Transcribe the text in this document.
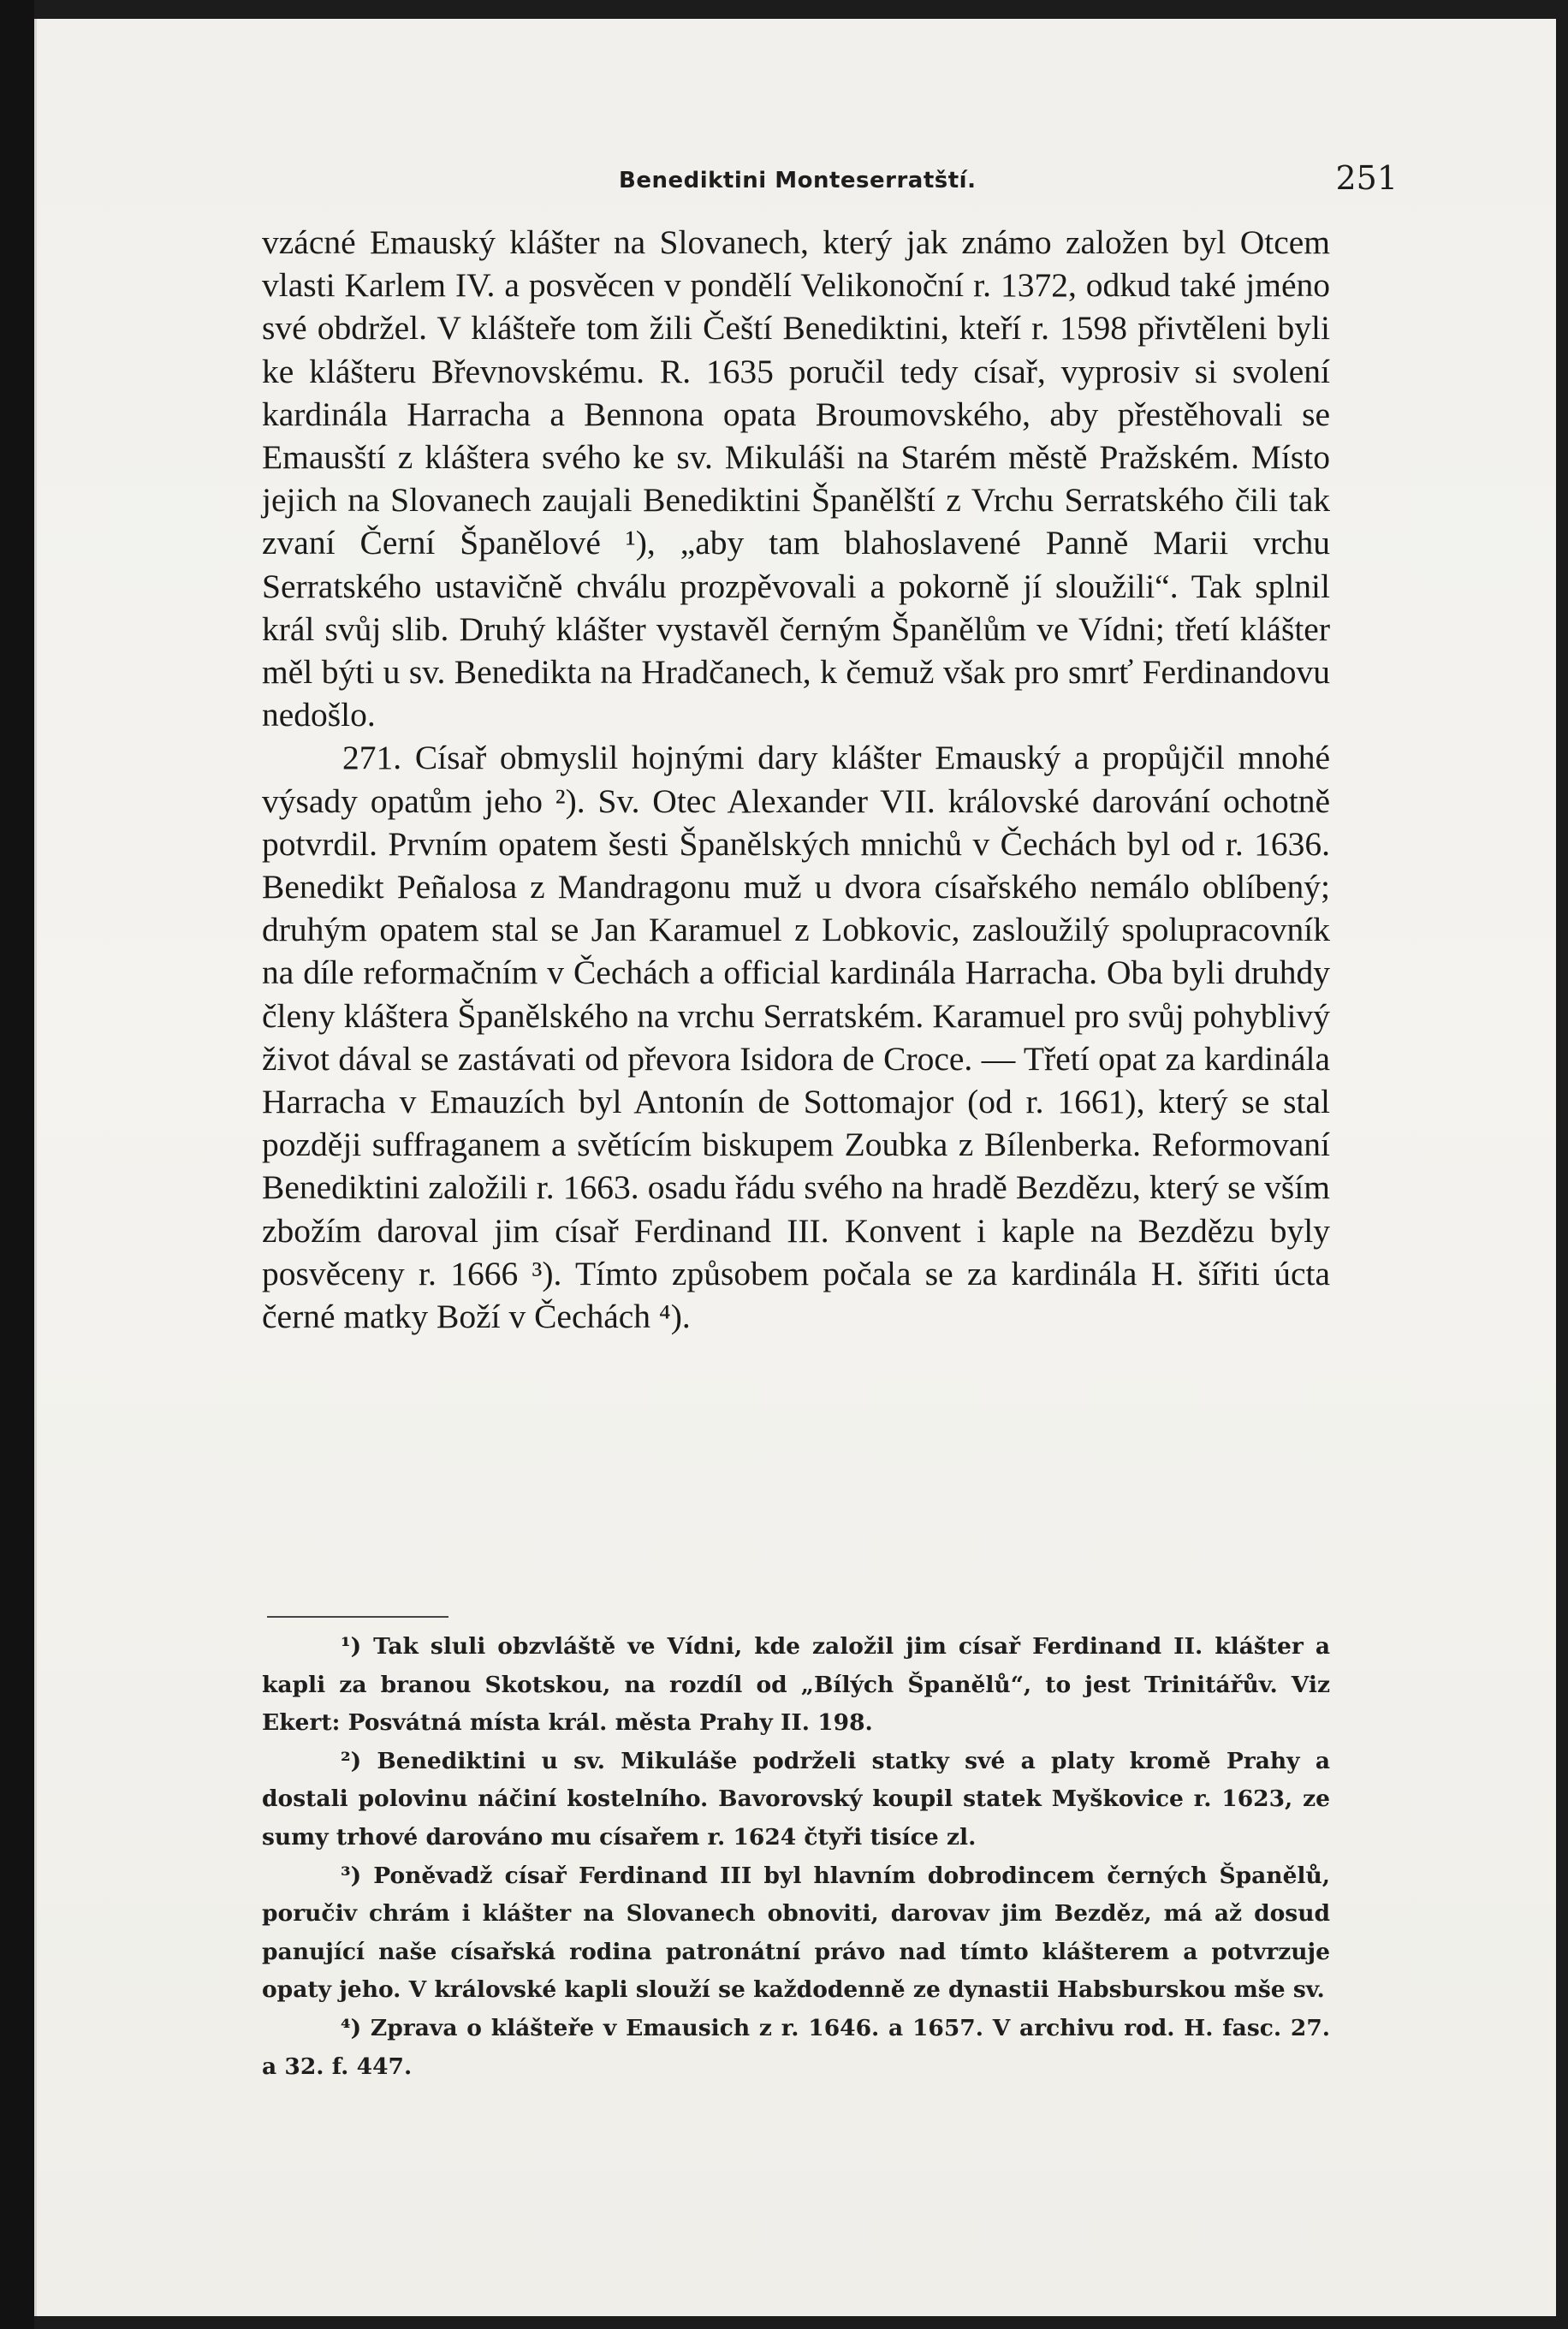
Benediktini Monteserratští.	251

vzácné Emauský klášter na Slovanech, který jak známo založen byl Otcem vlasti Karlem IV. a posvěcen v pondělí Velikonoční r. 1372, odkud také jméno své obdržel. V klášteře tom žili Čeští Benediktini, kteří r. 1598 přivtěleni byli ke klášteru Břevnovskému. R. 1635 poručil tedy císař, vyprosiv si svolení kardinála Harracha a Bennona opata Broumovského, aby přestěhovali se Emausští z kláštera svého ke sv. Mikuláši na Starém městě Pražském. Místo jejich na Slovanech zaujali Benediktini Španělští z Vrchu Serratského čili tak zvaní Černí Španělové ¹), „aby tam blahoslavené Panně Marii vrchu Serratského ustavičně chválu prozpěvovali a pokorně jí sloužili“. Tak splnil král svůj slib. Druhý klášter vystavěl černým Španělům ve Vídni; třetí klášter měl býti u sv. Benedikta na Hradčanech, k čemuž však pro smrť Ferdinandovu nedošlo.

271. Císař obmyslil hojnými dary klášter Emauský a propůjčil mnohé výsady opatům jeho ²). Sv. Otec Alexander VII. královské darování ochotně potvrdil. Prvním opatem šesti Španělských mnichů v Čechách byl od r. 1636. Benedikt Peñalosa z Mandragonu muž u dvora císařského nemálo oblíbený; druhým opatem stal se Jan Karamuel z Lobkovic, zasloužilý spolupracovník na díle reformačním v Čechách a official kardinála Harracha. Oba byli druhdy členy kláštera Španělského na vrchu Serratském. Karamuel pro svůj pohyblivý život dával se zastávati od převora Isidora de Croce. — Třetí opat za kardinála Harracha v Emauzích byl Antonín de Sottomajor (od r. 1661), který se stal později suffraganem a světícím biskupem Zoubka z Bílenberka. Reformovaní Benediktini založili r. 1663. osadu řádu svého na hradě Bezdězu, který se vším zbožím daroval jim císař Ferdinand III. Konvent i kaple na Bezdězu byly posvěceny r. 1666 ³). Tímto způsobem počala se za kardinála H. šířiti úcta černé matky Boží v Čechách ⁴).

¹) Tak sluli obzvláště ve Vídni, kde založil jim císař Ferdinand II. klášter a kapli za branou Skotskou, na rozdíl od „Bílých Španělů“, to jest Trinitářův. Viz Ekert: Posvátná místa král. města Prahy II. 198.

²) Benediktini u sv. Mikuláše podrželi statky své a platy kromě Prahy a dostali polovinu náčiní kostelního. Bavorovský koupil statek Myškovice r. 1623, ze sumy trhové darováno mu císařem r. 1624 čtyři tisíce zl.

³) Poněvadž císař Ferdinand III byl hlavním dobrodincem černých Španělů, poručiv chrám i klášter na Slovanech obnoviti, darovav jim Bezděz, má až dosud panující naše císařská rodina patronátní právo nad tímto klášterem a potvrzuje opaty jeho. V královské kapli slouží se každodenně ze dynastii Habsburskou mše sv.

⁴) Zprava o klášteře v Emausich z r. 1646. a 1657. V archivu rod. H. fasc. 27. a 32. f. 447.
